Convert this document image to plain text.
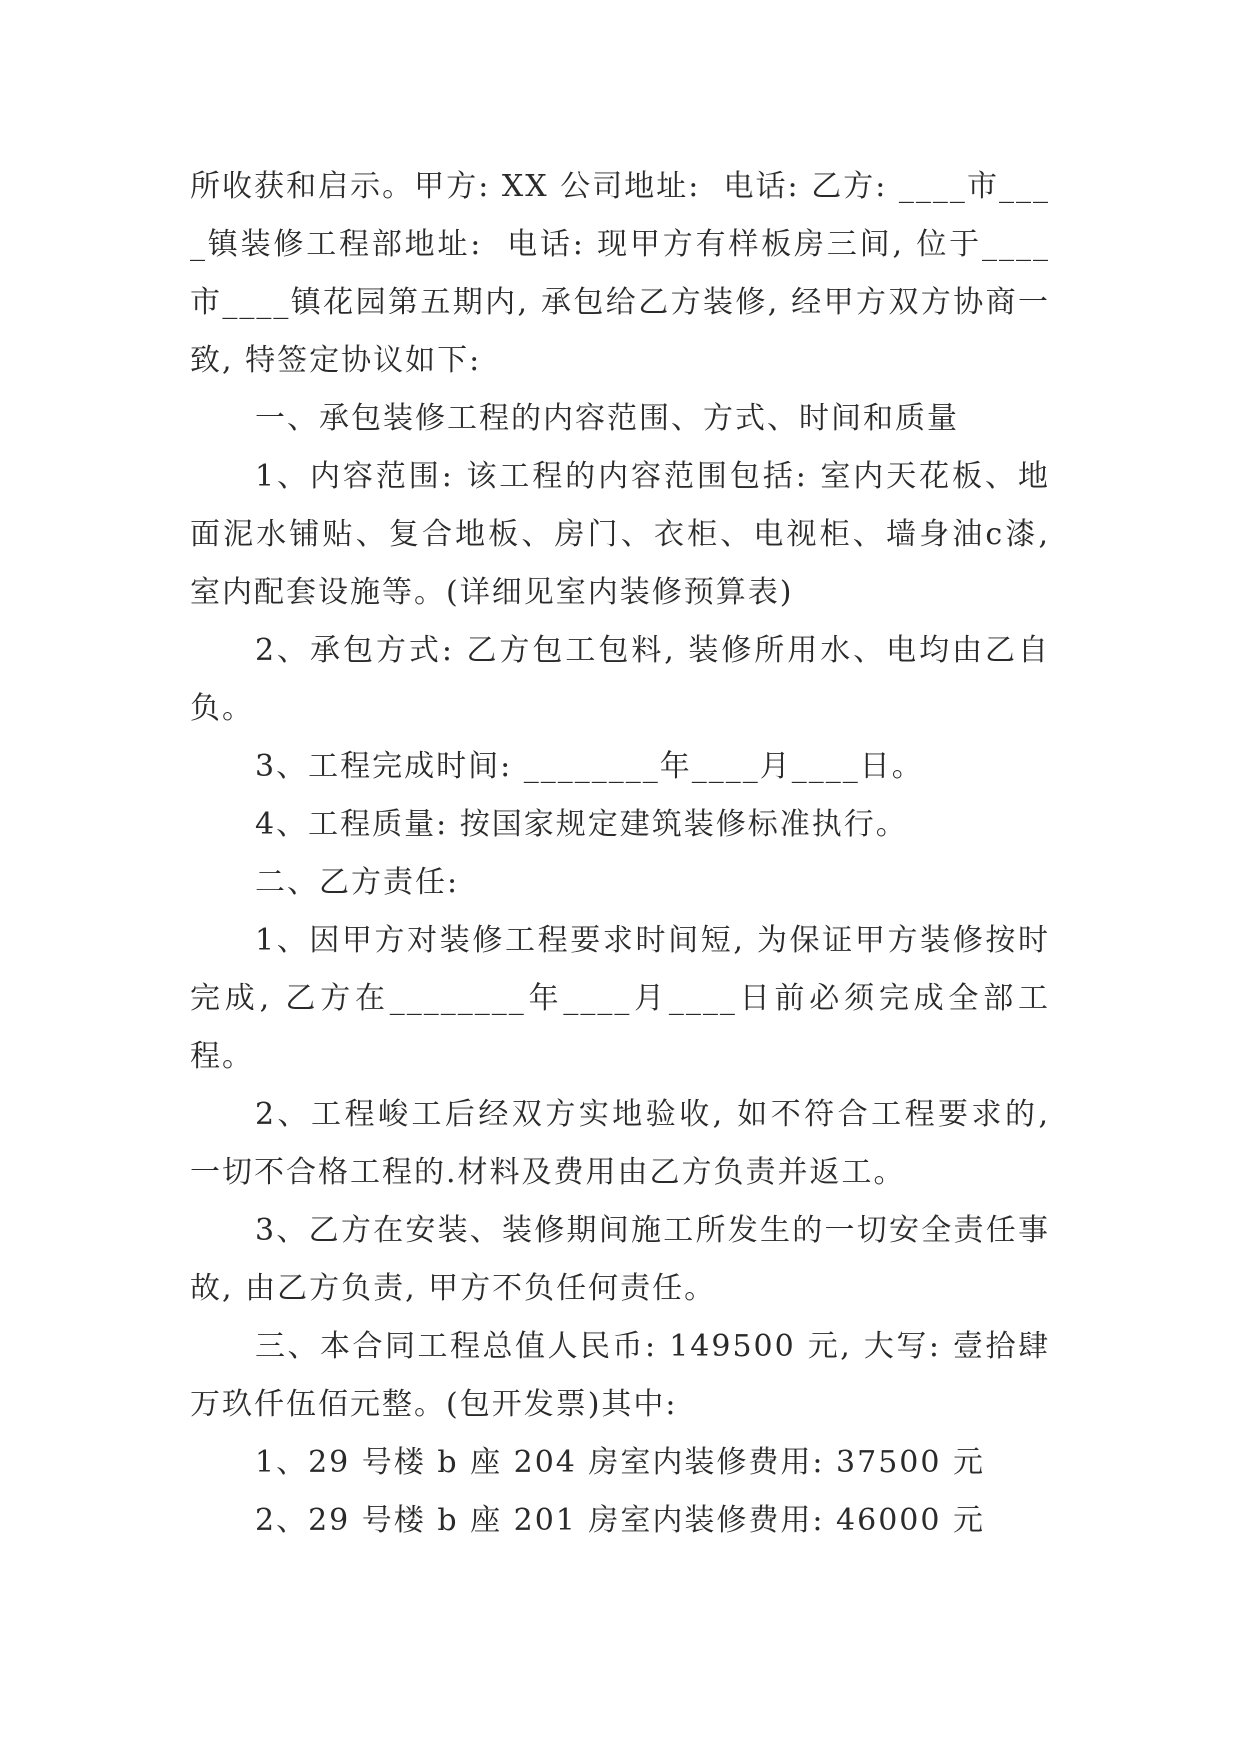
所收获和启示。甲方: XX 公司地址:  电话: 乙方: ____市____镇装修工程部地址:  电话: 现甲方有样板房三间, 位于____市____镇花园第五期内, 承包给乙方装修, 经甲方双方协商一致, 特签定协议如下:

一、承包装修工程的内容范围、方式、时间和质量

1、内容范围: 该工程的内容范围包括: 室内天花板、地面泥水铺贴、复合地板、房门、衣柜、电视柜、墙身油c漆, 室内配套设施等。(详细见室内装修预算表)

2、承包方式: 乙方包工包料, 装修所用水、电均由乙自负。

3、工程完成时间: ________年____月____日。

4、工程质量: 按国家规定建筑装修标准执行。

二、乙方责任:

1、因甲方对装修工程要求时间短, 为保证甲方装修按时完成, 乙方在________年____月____日前必须完成全部工程。

2、工程峻工后经双方实地验收, 如不符合工程要求的, 一切不合格工程的.材料及费用由乙方负责并返工。

3、乙方在安装、装修期间施工所发生的一切安全责任事故, 由乙方负责, 甲方不负任何责任。

三、本合同工程总值人民币: 149500 元, 大写: 壹拾肆万玖仟伍佰元整。(包开发票)其中:

1、29 号楼 b 座 204 房室内装修费用: 37500 元

2、29 号楼 b 座 201 房室内装修费用: 46000 元
